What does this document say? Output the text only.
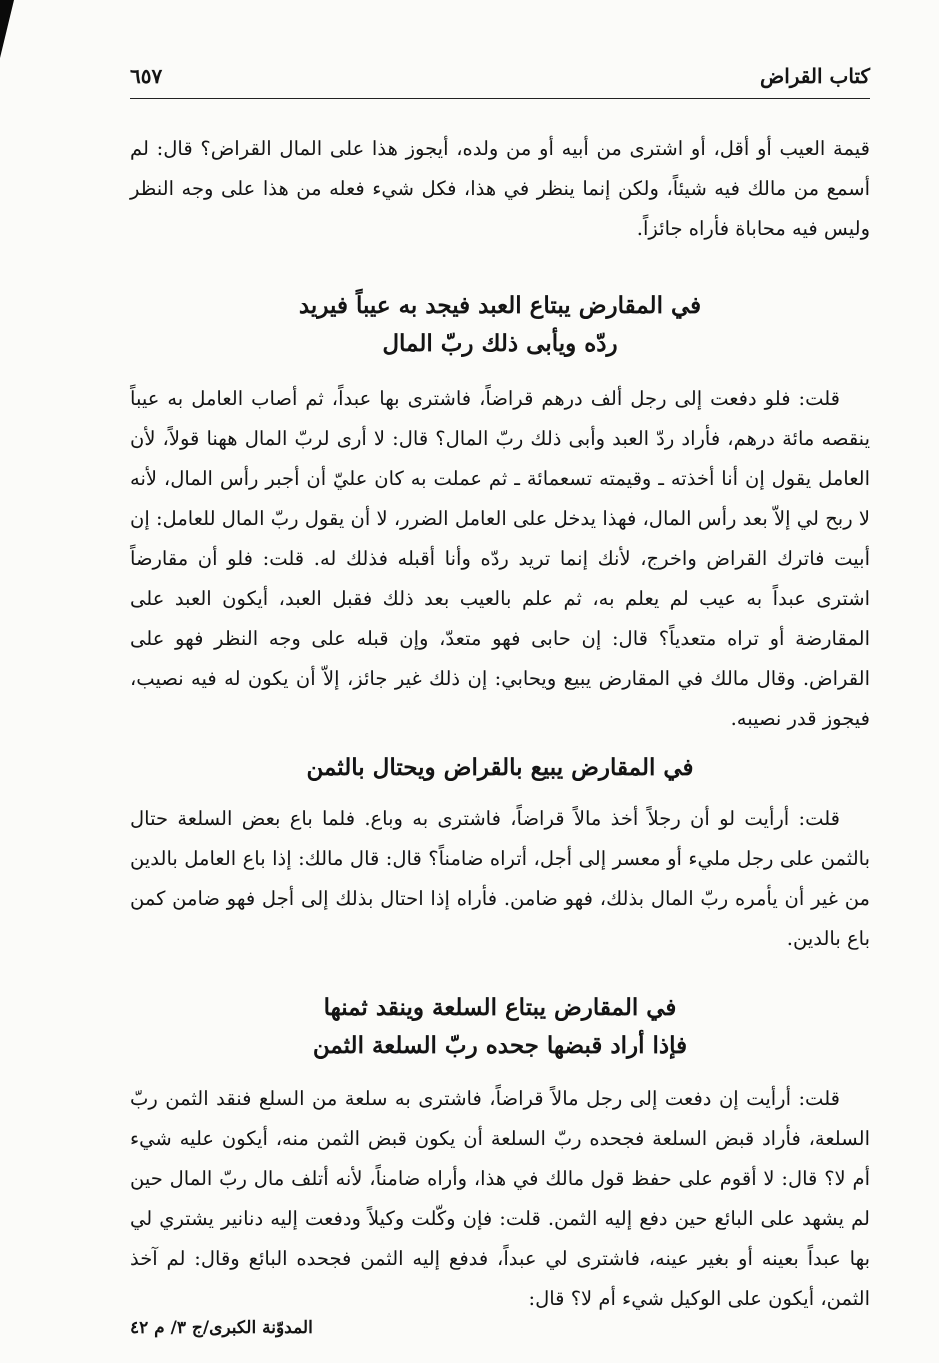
كتاب القراض
٦٥٧

قيمة العيب أو أقل، أو اشترى من أبيه أو من ولده، أيجوز هذا على المال القراض؟ قال: لم أسمع من مالك فيه شيئاً، ولكن إنما ينظر في هذا، فكل شيء فعله من هذا على وجه النظر وليس فيه محاباة فأراه جائزاً.

في المقارض يبتاع العبد فيجد به عيباً فيريد
ردّه ويأبى ذلك ربّ المال

قلت: فلو دفعت إلى رجل ألف درهم قراضاً، فاشترى بها عبداً، ثم أصاب العامل به عيباً ينقصه مائة درهم، فأراد ردّ العبد وأبى ذلك ربّ المال؟ قال: لا أرى لربّ المال ههنا قولاً، لأن العامل يقول إن أنا أخذته ـ وقيمته تسعمائة ـ ثم عملت به كان عليّ أن أجبر رأس المال، لأنه لا ربح لي إلاّ بعد رأس المال، فهذا يدخل على العامل الضرر، لا أن يقول ربّ المال للعامل: إن أبيت فاترك القراض واخرج، لأنك إنما تريد ردّه وأنا أقبله فذلك له. قلت: فلو أن مقارضاً اشترى عبداً به عيب لم يعلم به، ثم علم بالعيب بعد ذلك فقبل العبد، أيكون العبد على المقارضة أو تراه متعدياً؟ قال: إن حابى فهو متعدّ، وإن قبله على وجه النظر فهو على القراض. وقال مالك في المقارض يبيع ويحابي: إن ذلك غير جائز، إلاّ أن يكون له فيه نصيب، فيجوز قدر نصيبه.

في المقارض يبيع بالقراض ويحتال بالثمن

قلت: أرأيت لو أن رجلاً أخذ مالاً قراضاً، فاشترى به وباع. فلما باع بعض السلعة حتال بالثمن على رجل مليء أو معسر إلى أجل، أتراه ضامناً؟ قال: قال مالك: إذا باع العامل بالدين من غير أن يأمره ربّ المال بذلك، فهو ضامن. فأراه إذا احتال بذلك إلى أجل فهو ضامن كمن باع بالدين.

في المقارض يبتاع السلعة وينقد ثمنها
فإذا أراد قبضها جحده ربّ السلعة الثمن

قلت: أرأيت إن دفعت إلى رجل مالاً قراضاً، فاشترى به سلعة من السلع فنقد الثمن ربّ السلعة، فأراد قبض السلعة فجحده ربّ السلعة أن يكون قبض الثمن منه، أيكون عليه شيء أم لا؟ قال: لا أقوم على حفظ قول مالك في هذا، وأراه ضامناً، لأنه أتلف مال ربّ المال حين لم يشهد على البائع حين دفع إليه الثمن. قلت: فإن وكّلت وكيلاً ودفعت إليه دنانير يشتري لي بها عبداً بعينه أو بغير عينه، فاشترى لي عبداً، فدفع إليه الثمن فجحده البائع وقال: لم آخذ الثمن، أيكون على الوكيل شيء أم لا؟ قال:

المدوّنة الكبرى/ج ٣/ م ٤٢
